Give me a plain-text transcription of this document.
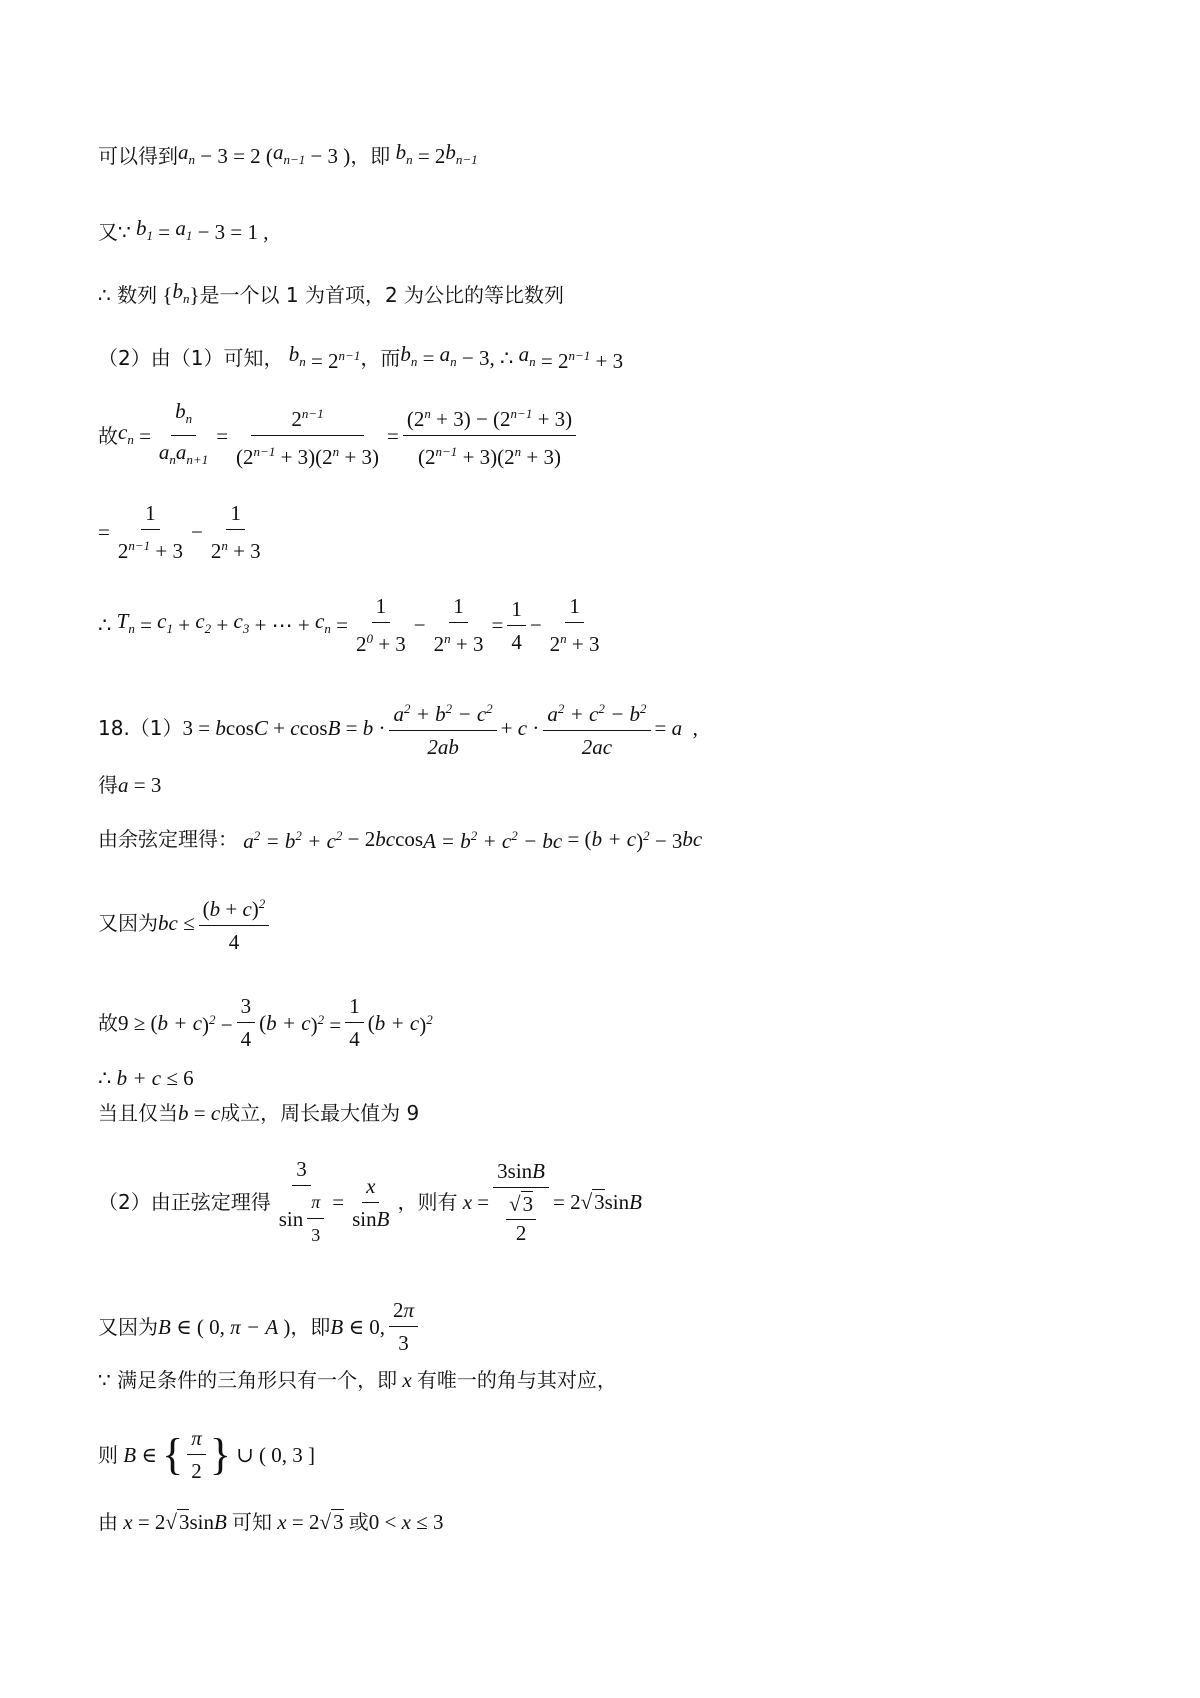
可以得到 $a_n - 3 = 2$ ( $a_{n-1} - 3$ ) ，即 $b_n = 2$ $b_{n-1}$
又∵ $b_1 = a_1 - 3 = 1$ ,
∴ 数列 { $b_n$ } 是一个以 1 为首项，2 为公比的等比数列
（2）由（1）可知， $b_n = 2^{n-1}$ ，而 $b_n = a_n - 3$, ∴ $a_n = 2^{n-1} + 3$
故 $c_n = \frac{b_n}{a_na_{n+1}} = \frac{2^{n-1}}{(2^{n-1} + 3)(2^n + 3)} = \frac{(2^n + 3) - (2^{n-1} + 3)}{(2^{n-1} + 3)(2^n + 3)}$
= $\frac{1}{2^{n-1} + 3} - \frac{1}{2^n + 3}$
∴ $T_n = c_1 + c_2 + c_3$ + ⋯ + $c_n = \frac{1}{2^0 + 3} - \frac{1}{2^n + 3} = \frac{1}{4} - \frac{1}{2^n + 3}$
18.（1） 3 = b cos C + c $\cos B = b \cdot \frac{a^2 + b^2 - c^2}{2ab} + c \cdot \frac{a^2 + c^2 - b^2}{2ac} = a$ ,
得 a = 3
由余弦定理得： $a^2 = b^2 + c^2 - 2$ bc $\cos A = b^2 + c^2$ − bc = ( b + c )$^2$ − 3 bc
又因为 bc ≤ $\frac{(b + c)^2}{4}$
故 9 ≥ ( b + c )$^2 - \frac{3}{4}$ ( b + c )$^2 = \frac{1}{4}$ ( b + c )$^2$
∴ b + c ≤ 6
当且仅当 b = c 成立，周长最大值为 9
（2）由正弦定理得 $\frac{3}{\sin \frac{\pi}{3}} = \frac{x}{\sin B}$ ，则有 x = 3sinB
√3
2 = 2√3sinB
又因为 B ∈ ( 0, π − A ) ，即 B ∈ 0, $\frac{2\pi}{3}$
∵ 满足条件的三角形只有一个，即 x 有唯一的角与其对应，
则 B ∈ { $\frac{\pi}{2}$ } ∪ ( 0, 3 ]
由 x = 2√3sinB 可知 x = 2√3 或 0 < x ≤ 3
